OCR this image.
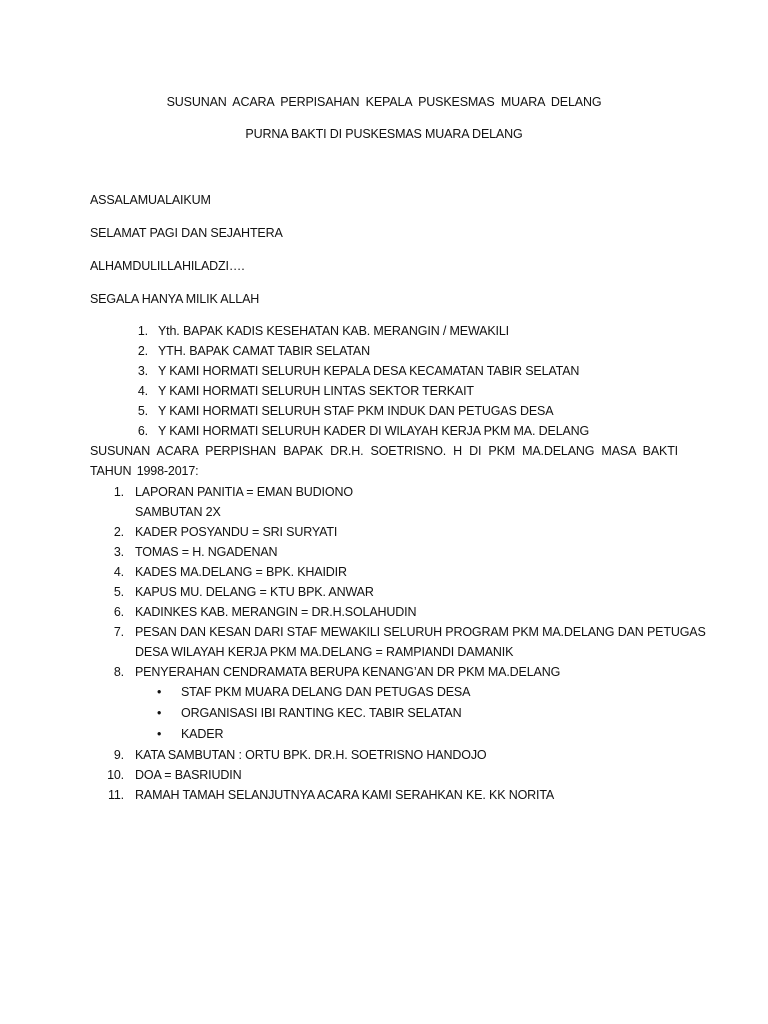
SUSUNAN ACARA PERPISAHAN KEPALA PUSKESMAS MUARA DELANG
PURNA BAKTI DI PUSKESMAS MUARA DELANG
ASSALAMUALAIKUM
SELAMAT PAGI DAN SEJAHTERA
ALHAMDULILLAHILADZI….
SEGALA HANYA MILIK ALLAH
1. Yth. BAPAK KADIS KESEHATAN KAB. MERANGIN / MEWAKILI
2. YTH. BAPAK CAMAT TABIR SELATAN
3. Y KAMI HORMATI SELURUH KEPALA DESA KECAMATAN TABIR SELATAN
4. Y KAMI HORMATI SELURUH LINTAS SEKTOR TERKAIT
5. Y KAMI HORMATI SELURUH STAF PKM INDUK DAN PETUGAS DESA
6. Y KAMI HORMATI SELURUH KADER DI WILAYAH KERJA PKM MA. DELANG
SUSUNAN ACARA PERPISHAN BAPAK DR.H. SOETRISNO. H DI PKM MA.DELANG MASA BAKTI TAHUN 1998-2017:
1. LAPORAN PANITIA = EMAN BUDIONO
SAMBUTAN 2X
2. KADER POSYANDU = SRI SURYATI
3. TOMAS = H. NGADENAN
4. KADES MA.DELANG = BPK. KHAIDIR
5. KAPUS MU. DELANG = KTU BPK. ANWAR
6. KADINKES KAB. MERANGIN = DR.H.SOLAHUDIN
7. PESAN DAN KESAN DARI STAF MEWAKILI SELURUH PROGRAM PKM MA.DELANG DAN PETUGAS
DESA WILAYAH KERJA PKM MA.DELANG = RAMPIANDI DAMANIK
8. PENYERAHAN CENDRAMATA BERUPA KENANG’AN DR PKM MA.DELANG
• STAF PKM MUARA DELANG DAN PETUGAS DESA
• ORGANISASI IBI RANTING KEC. TABIR SELATAN
• KADER
9. KATA SAMBUTAN : ORTU BPK. DR.H. SOETRISNO HANDOJO
10. DOA = BASRIUDIN
11. RAMAH TAMAH SELANJUTNYA ACARA KAMI SERAHKAN KE. KK NORITA
